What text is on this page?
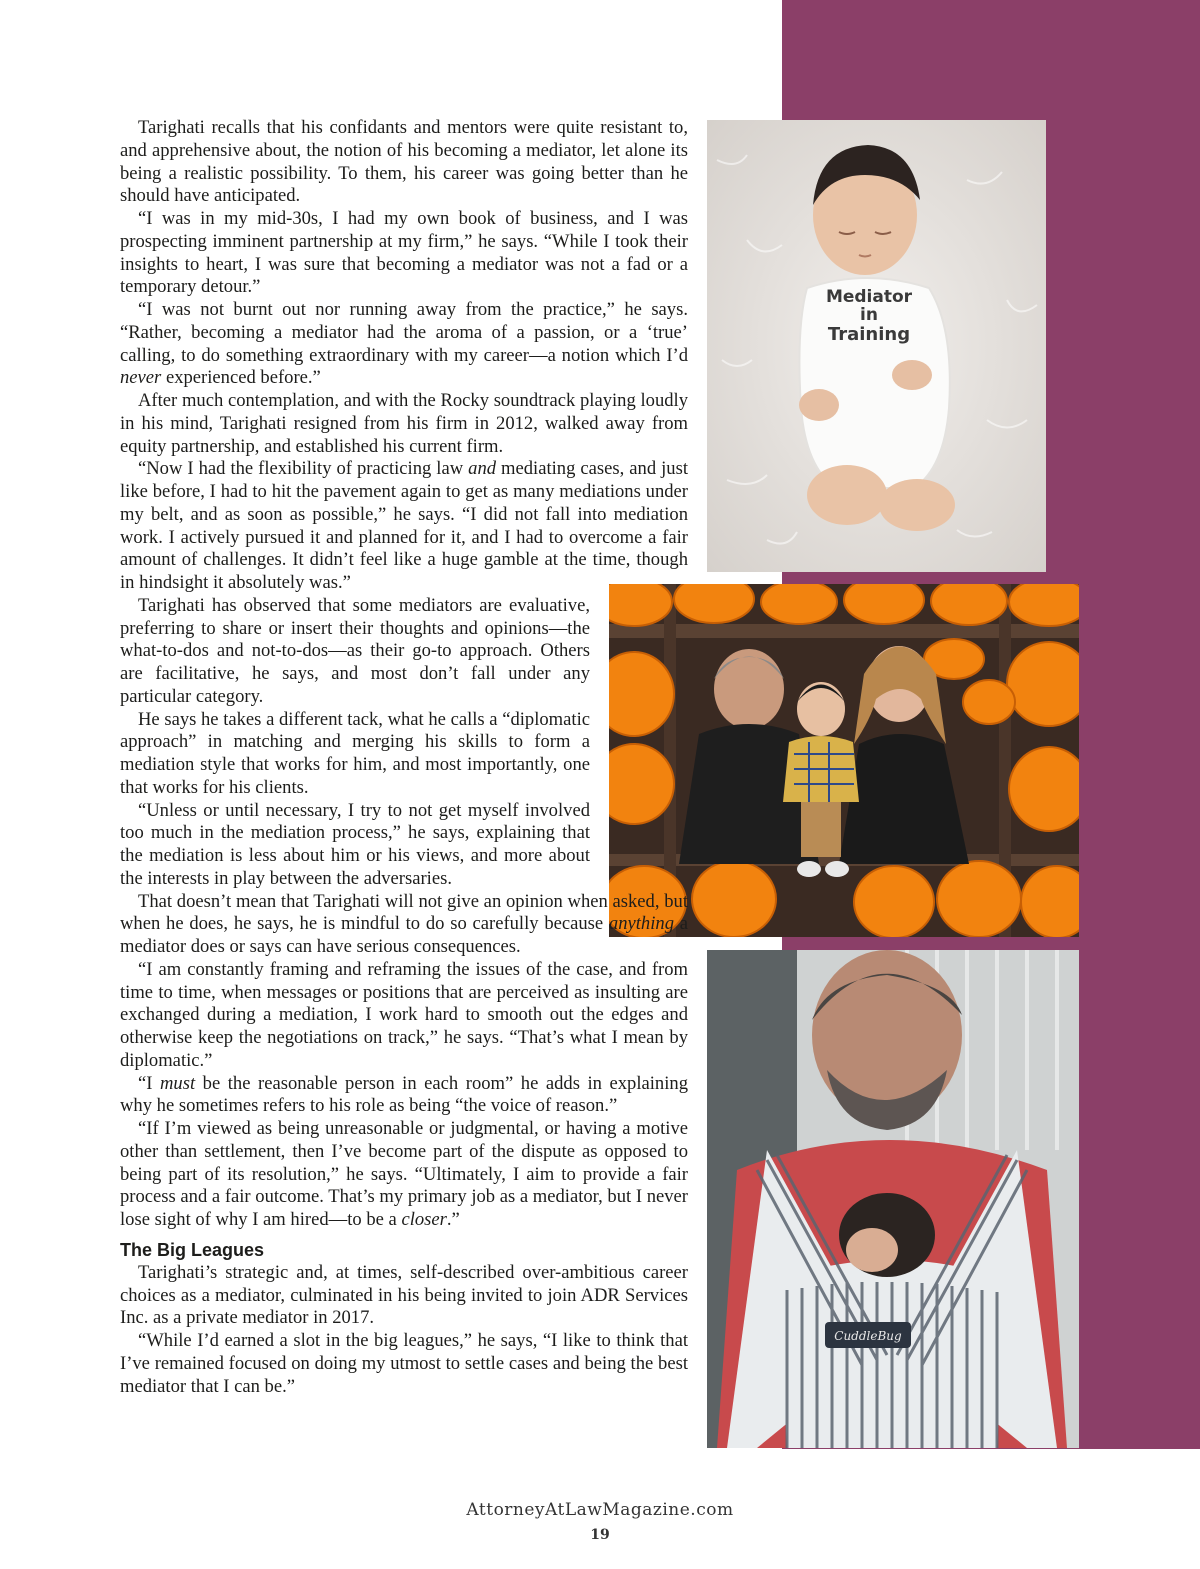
Mediator
in
Training
CuddleBug

Tarighati recalls that his confidants and mentors were quite resistant to, and apprehensive about, the notion of his becoming a mediator, let alone its being a realistic possibility. To them, his career was going better than he should have anticipated.

“I was in my mid-30s, I had my own book of business, and I was prospecting imminent partnership at my firm,” he says. “While I took their insights to heart, I was sure that becoming a mediator was not a fad or a temporary detour.”

“I was not burnt out nor running away from the practice,” he says. “Rather, becoming a mediator had the aroma of a passion, or a ‘true’ calling, to do something extraordinary with my career—a notion which I’d never experienced before.”

After much contemplation, and with the Rocky soundtrack playing loudly in his mind, Tarighati resigned from his firm in 2012, walked away from equity partnership, and established his current firm.

“Now I had the flexibility of practicing law and mediating cases, and just like before, I had to hit the pavement again to get as many mediations under my belt, and as soon as possible,” he says. “I did not fall into mediation work. I actively pursued it and planned for it, and I had to overcome a fair amount of challenges. It didn’t feel like a huge gamble at the time, though in hindsight it absolutely was.”

Tarighati has observed that some mediators are evaluative, preferring to share or insert their thoughts and opinions—the what-to-dos and not-to-dos—as their go-to approach. Others are facilitative, he says, and most don’t fall under any particular category.

He says he takes a different tack, what he calls a “diplomatic approach” in matching and merging his skills to form a mediation style that works for him, and most importantly, one that works for his clients.

“Unless or until necessary, I try to not get myself involved too much in the mediation process,” he says, explaining that the mediation is less about him or his views, and more about the interests in play between the adversaries.

That doesn’t mean that Tarighati will not give an opinion when asked, but when he does, he says, he is mindful to do so carefully because anything a mediator does or says can have serious consequences.

“I am constantly framing and reframing the issues of the case, and from time to time, when messages or positions that are perceived as insulting are exchanged during a mediation, I work hard to smooth out the edges and otherwise keep the negotiations on track,” he says. “That’s what I mean by diplomatic.”

“I must be the reasonable person in each room” he adds in explaining why he sometimes refers to his role as being “the voice of reason.”

“If I’m viewed as being unreasonable or judgmental, or having a motive other than settlement, then I’ve become part of the dispute as opposed to being part of its resolution,” he says. “Ultimately, I aim to provide a fair process and a fair outcome. That’s my primary job as a mediator, but I never lose sight of why I am hired—to be a closer.”

The Big Leagues

Tarighati’s strategic and, at times, self-described over-ambitious career choices as a mediator, culminated in his being invited to join ADR Services Inc. as a private mediator in 2017.

“While I’d earned a slot in the big leagues,” he says, “I like to think that I’ve remained focused on doing my utmost to settle cases and being the best mediator that I can be.”

AttorneyAtLawMagazine.com
19
